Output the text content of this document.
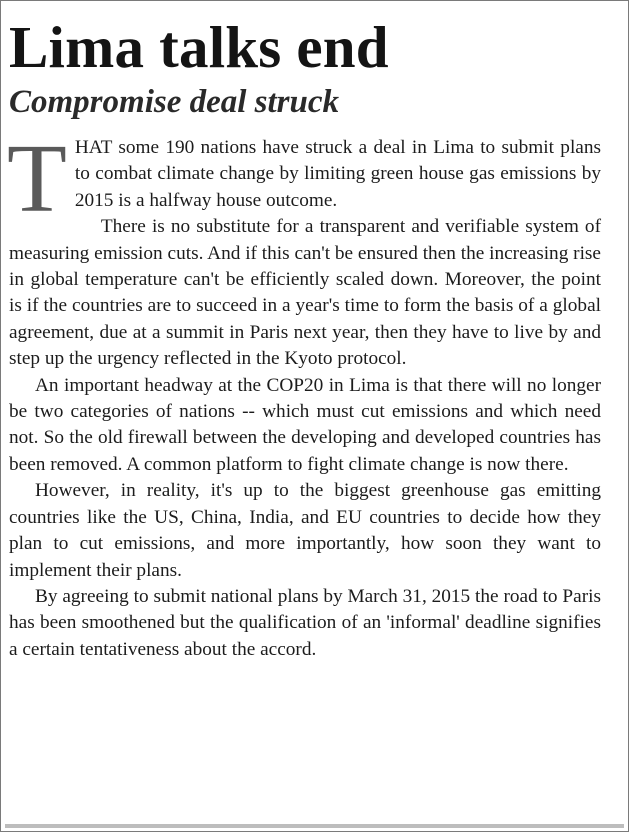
Lima talks end
Compromise deal struck

THAT some 190 nations have struck a deal in Lima to submit plans to combat climate change by limiting green house gas emissions by 2015 is a halfway house outcome.

There is no substitute for a transparent and verifiable system of measuring emission cuts. And if this can't be ensured then the increasing rise in global temperature can't be efficiently scaled down. Moreover, the point is if the countries are to succeed in a year's time to form the basis of a global agreement, due at a summit in Paris next year, then they have to live by and step up the urgency reflected in the Kyoto protocol.

An important headway at the COP20 in Lima is that there will no longer be two categories of nations -- which must cut emissions and which need not. So the old firewall between the developing and developed countries has been removed. A common platform to fight climate change is now there.

However, in reality, it's up to the biggest greenhouse gas emitting countries like the US, China, India, and EU countries to decide how they plan to cut emissions, and more importantly, how soon they want to implement their plans.

By agreeing to submit national plans by March 31, 2015 the road to Paris has been smoothened but the qualification of an 'informal' deadline signifies a certain tentativeness about the accord.
